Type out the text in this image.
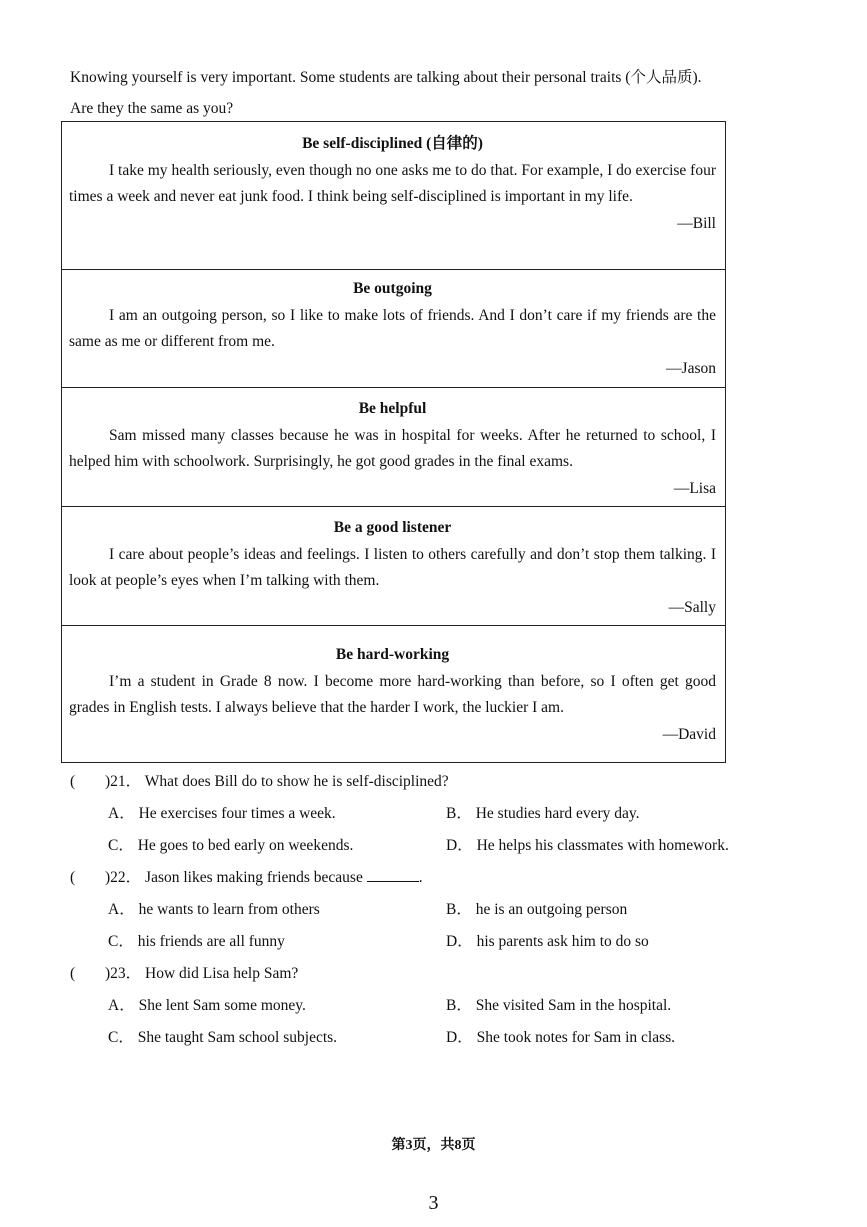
Knowing yourself is very important. Some students are talking about their personal traits (个人品质).
Are they the same as you?
Be self-disciplined (自律的)
I take my health seriously, even though no one asks me to do that. For example, I do exercise four times a week and never eat junk food. I think being self-disciplined is important in my life.
—Bill
Be outgoing
I am an outgoing person, so I like to make lots of friends. And I don’t care if my friends are the same as me or different from me.
—Jason
Be helpful
Sam missed many classes because he was in hospital for weeks. After he returned to school, I helped him with schoolwork. Surprisingly, he got good grades in the final exams.
—Lisa
Be a good listener
I care about people’s ideas and feelings. I listen to others carefully and don’t stop them talking. I look at people’s eyes when I’m talking with them.
—Sally
Be hard-working
I’m a student in Grade 8 now. I become more hard-working than before, so I often get good grades in English tests. I always believe that the harder I work, the luckier I am.
—David
( )21． What does Bill do to show he is self-disciplined?
A． He exercises four times a week.	B． He studies hard every day.
C． He goes to bed early on weekends.	D． He helps his classmates with homework.
( )22． Jason likes making friends because	.
A． he wants to learn from others	B． he is an outgoing person
C． his friends are all funny	D． his parents ask him to do so
( )23． How did Lisa help Sam?
A． She lent Sam some money.	B． She visited Sam in the hospital.
C． She taught Sam school subjects.	D． She took notes for Sam in class.
第3页，共8页
3
